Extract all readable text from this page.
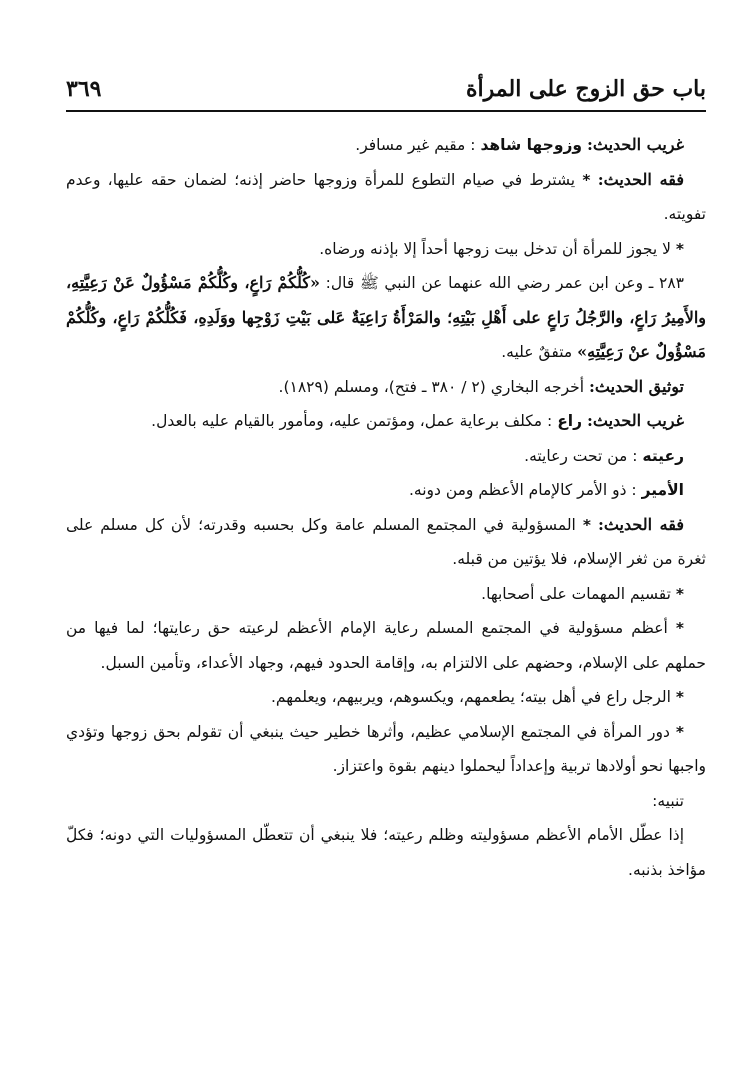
باب حق الزوج على المرأة
٣٦٩

غريب الحديث: وزوجها شاهد : مقيم غير مسافر.

فقه الحديث: * يشترط في صيام التطوع للمرأة وزوجها حاضر إذنه؛ لضمان حقه عليها، وعدم تفويته.

* لا يجوز للمرأة أن تدخل بيت زوجها أحداً إلا بإذنه ورضاه.

٢٨٣ ـ وعن ابن عمر رضي الله عنهما عن النبي ﷺ قال: «كُلُّكُمْ رَاعٍ، وكُلُّكُمْ مَسْؤُولٌ عَنْ رَعِيَّتِهِ، والأَمِيرُ رَاعٍ، والرَّجُلُ رَاعٍ على أَهْلِ بَيْتِهِ؛ والمَرْأَةُ رَاعِيَةٌ عَلى بَيْتِ زَوْجِها ووَلَدِهِ، فَكُلُّكُمْ رَاعٍ، وكُلُّكُمْ مَسْؤُولٌ عنْ رَعِيَّتِهِ» متفقٌ عليه.

توثيق الحديث: أخرجه البخاري (٢ / ٣٨٠ ـ فتح)، ومسلم (١٨٢٩).

غريب الحديث: راع : مكلف برعاية عمل، ومؤتمن عليه، ومأمور بالقيام عليه بالعدل.

رعيته : من تحت رعايته.

الأمير : ذو الأمر كالإمام الأعظم ومن دونه.

فقه الحديث: * المسؤولية في المجتمع المسلم عامة وكل بحسبه وقدرته؛ لأن كل مسلم على ثغرة من ثغر الإسلام، فلا يؤتين من قبله.

* تقسيم المهمات على أصحابها.

* أعظم مسؤولية في المجتمع المسلم رعاية الإمام الأعظم لرعيته حق رعايتها؛ لما فيها من حملهم على الإسلام، وحضهم على الالتزام به، وإقامة الحدود فيهم، وجهاد الأعداء، وتأمين السبل.

* الرجل راع في أهل بيته؛ يطعمهم، ويكسوهم، ويربيهم، ويعلمهم.

* دور المرأة في المجتمع الإسلامي عظيم، وأثرها خطير حيث ينبغي أن تقولم بحق زوجها وتؤدي واجبها نحو أولادها تربية وإعداداً ليحملوا دينهم بقوة واعتزاز.

تنبيه:

إذا عطّل الأمام الأعظم مسؤوليته وظلم رعيته؛ فلا ينبغي أن تتعطّل المسؤوليات التي دونه؛ فكلّ مؤاخذ بذنبه.
